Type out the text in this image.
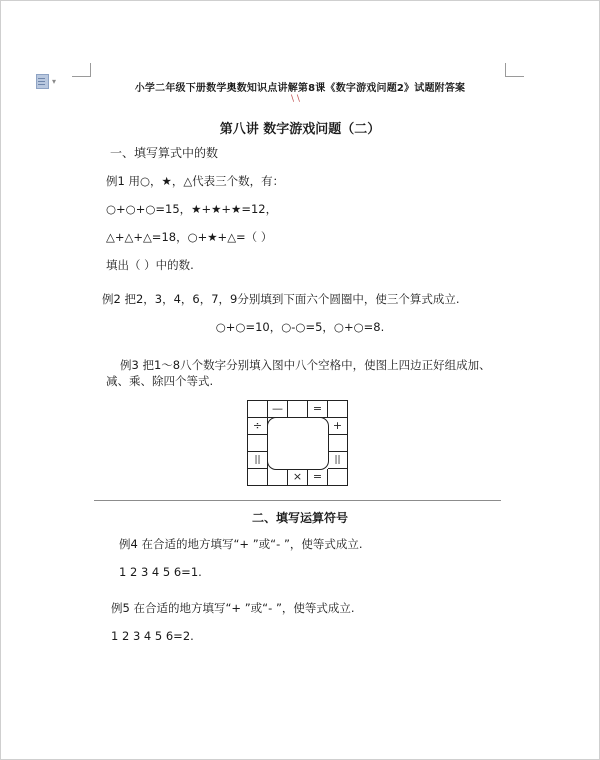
▾
小学二年级下册数学奥数知识点讲解第8课《数字游戏问题2》试题附答案
\ \
第八讲 数字游戏问题（二）
一、填写算式中的数
例1 用○，★，△代表三个数，有：
○+○+○=15，★+★+★=12，
△+△+△=18，○+★+△=（ ）
填出（ ）中的数.
例2 把2，3，4，6，7，9分别填到下面六个圆圈中，使三个算式成立.
○+○=10，○-○=5，○+○=8.
例3 把1～8八个数字分别填入图中八个空格中，使图上四边正好组成加、减、乘、除四个等式.
—	=
÷	+
||	||
× =
二、填写运算符号
例4 在合适的地方填写“+ ”或“- ”，使等式成立.
1 2 3 4 5 6=1.
例5 在合适的地方填写“+ ”或“- ”，使等式成立.
1 2 3 4 5 6=2.
